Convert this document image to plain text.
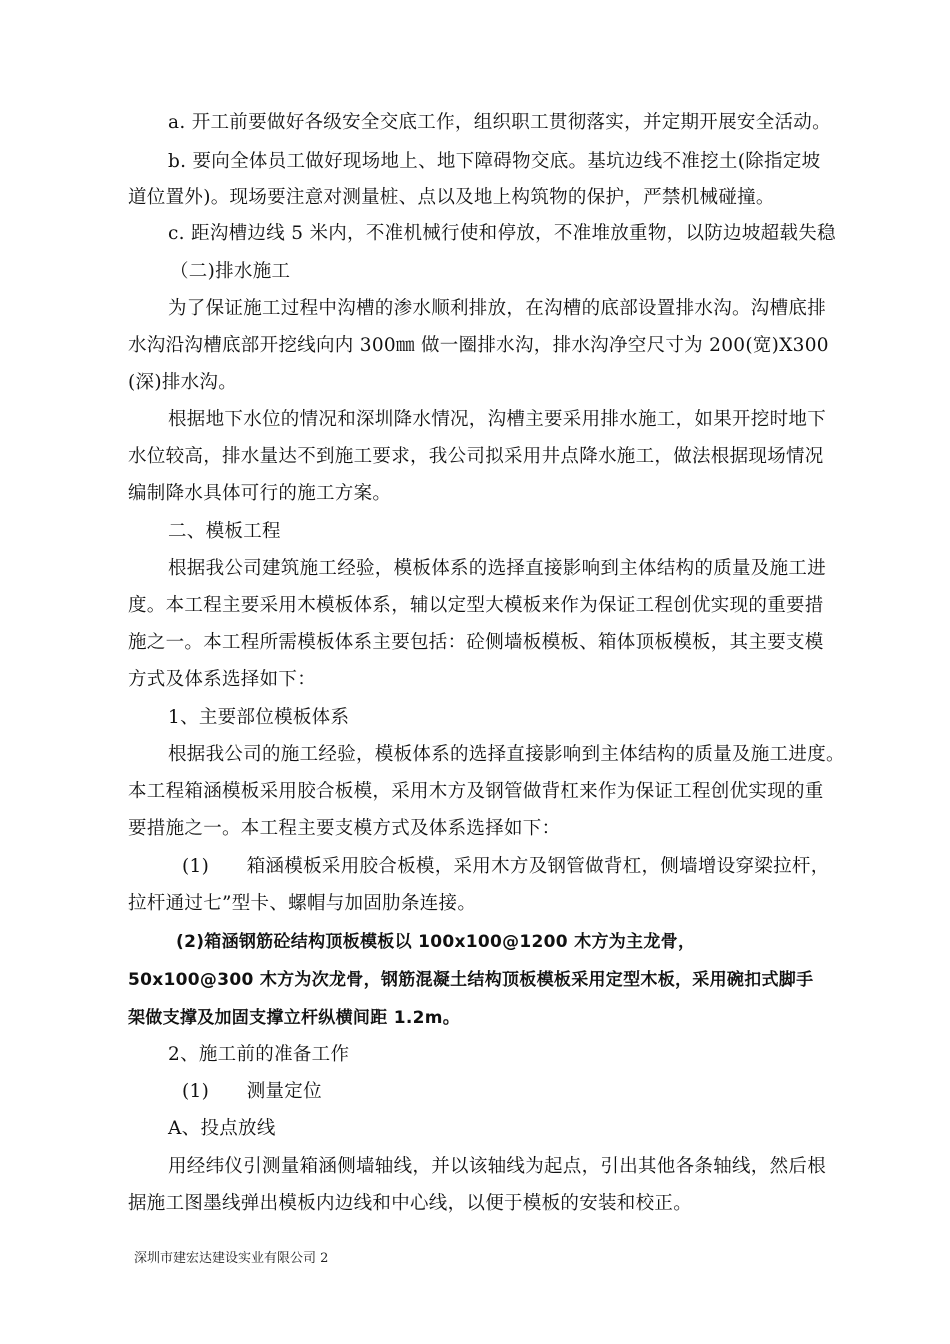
a. 开工前要做好各级安全交底工作，组织职工贯彻落实，并定期开展安全活动。
b. 要向全体员工做好现场地上、地下障碍物交底。基坑边线不准挖土(除指定坡
道位置外)。现场要注意对测量桩、点以及地上构筑物的保护，严禁机械碰撞。
c. 距沟槽边线 5 米内，不准机械行使和停放，不准堆放重物，以防边坡超载失稳
（二)排水施工
为了保证施工过程中沟槽的渗水顺利排放，在沟槽的底部设置排水沟。沟槽底排
水沟沿沟槽底部开挖线向内 300㎜ 做一圈排水沟，排水沟净空尺寸为 200(宽)X300
(深)排水沟。
根据地下水位的情况和深圳降水情况，沟槽主要采用排水施工，如果开挖时地下
水位较高，排水量达不到施工要求，我公司拟采用井点降水施工，做法根据现场情况
编制降水具体可行的施工方案。
二、模板工程
根据我公司建筑施工经验，模板体系的选择直接影响到主体结构的质量及施工进
度。本工程主要采用木模板体系，辅以定型大模板来作为保证工程创优实现的重要措
施之一。本工程所需模板体系主要包括：砼侧墙板模板、箱体顶板模板，其主要支模
方式及体系选择如下：
1、主要部位模板体系
根据我公司的施工经验，模板体系的选择直接影响到主体结构的质量及施工进度。
本工程箱涵模板采用胶合板模，采用木方及钢管做背杠来作为保证工程创优实现的重
要措施之一。本工程主要支模方式及体系选择如下：
(1)　　箱涵模板采用胶合板模，采用木方及钢管做背杠，侧墙增设穿梁拉杆，
拉杆通过七”型卡、螺帽与加固肋条连接。
(2)箱涵钢筋砼结构顶板模板以 100x100@1200 木方为主龙骨，
50x100@300 木方为次龙骨，钢筋混凝土结构顶板模板采用定型木板，采用碗扣式脚手
架做支撑及加固支撑立杆纵横间距 1.2m。
2、施工前的准备工作
(1)　　测量定位
A、投点放线
用经纬仪引测量箱涵侧墙轴线，并以该轴线为起点，引出其他各条轴线，然后根
据施工图墨线弹出模板内边线和中心线，以便于模板的安装和校正。
深圳市建宏达建设实业有限公司 2
